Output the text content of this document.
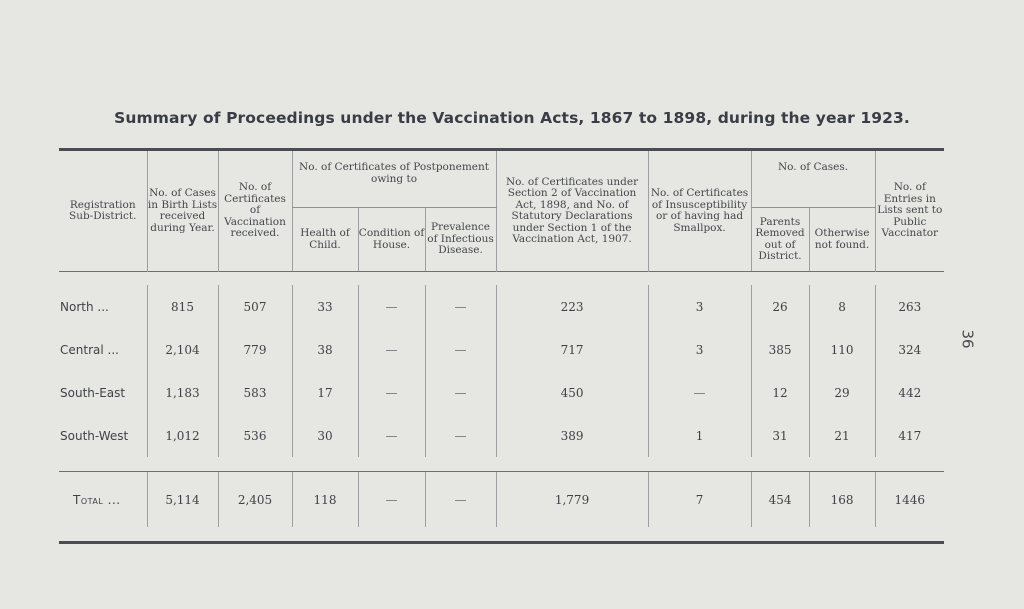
Summary of Proceedings under the Vaccination Acts, 1867 to 1898, during the year 1923.
36
Registration Sub-District.	No. of Cases in Birth Lists received during Year.	No. of Certificates of Vaccination received.	No. of Certificates of Postponement owing to			No. of Certificates under Section 2 of Vaccination Act, 1898, and No. of Statutory Declarations under Section 1 of the Vaccination Act, 1907.	No. of Certificates of Insusceptibility or of having had Smallpox.	No. of Cases.		No. of Entries in Lists sent to Public Vaccinator
			Health of Child.	Condition of House.	Prevalence of Infectious Disease.			Parents Removed out of District.	Otherwise not found.	

North ...	815	507	33	—	—	223	3	26	8	263
Central ...	2,104	779	38	—	—	717	3	385	110	324
South-East	1,183	583	17	—	—	450	—	12	29	442
South-West	1,012	536	30	—	—	389	1	31	21	417

Total ...	5,114	2,405	118	—	—	1,779	7	454	168	1446
